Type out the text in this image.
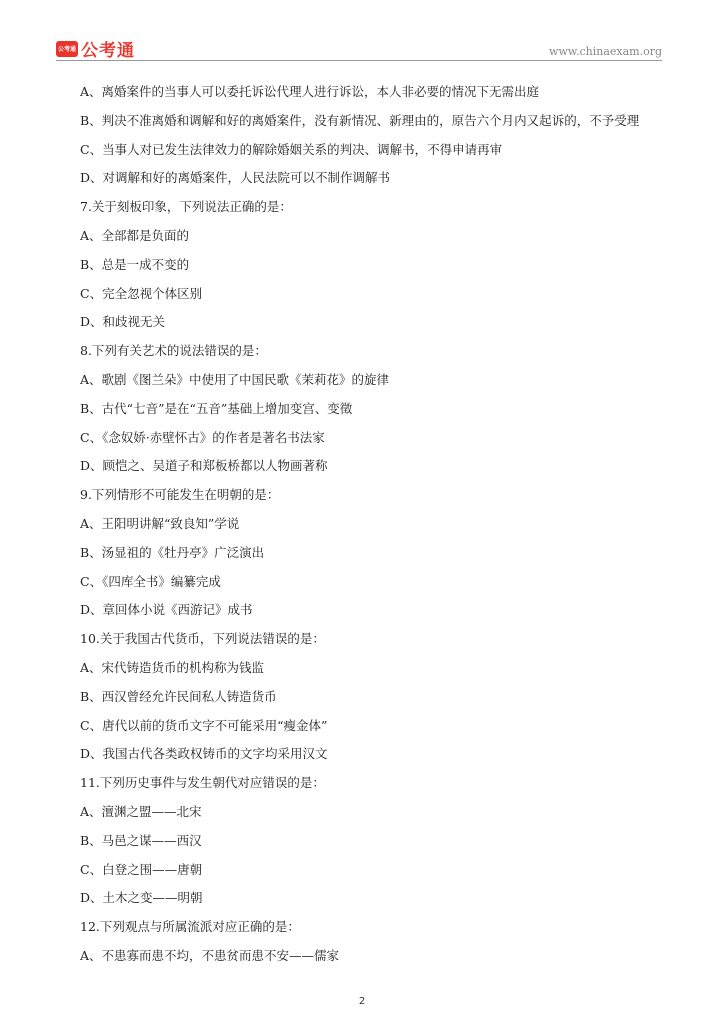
公考通 公考通	www.chinaexam.org
A、离婚案件的当事人可以委托诉讼代理人进行诉讼，本人非必要的情况下无需出庭
B、判决不准离婚和调解和好的离婚案件，没有新情况、新理由的，原告六个月内又起诉的，不予受理
C、当事人对已发生法律效力的解除婚姻关系的判决、调解书，不得申请再审
D、对调解和好的离婚案件，人民法院可以不制作调解书
7.关于刻板印象，下列说法正确的是：
A、全部都是负面的
B、总是一成不变的
C、完全忽视个体区别
D、和歧视无关
8.下列有关艺术的说法错误的是：
A、歌剧《图兰朵》中使用了中国民歌《茉莉花》的旋律
B、古代“七音”是在“五音”基础上增加变宫、变徵
C、《念奴娇·赤壁怀古》的作者是著名书法家
D、顾恺之、吴道子和郑板桥都以人物画著称
9.下列情形不可能发生在明朝的是：
A、王阳明讲解“致良知”学说
B、汤显祖的《牡丹亭》广泛演出
C、《四库全书》编纂完成
D、章回体小说《西游记》成书
10.关于我国古代货币，下列说法错误的是：
A、宋代铸造货币的机构称为钱监
B、西汉曾经允许民间私人铸造货币
C、唐代以前的货币文字不可能采用“瘦金体”
D、我国古代各类政权铸币的文字均采用汉文
11.下列历史事件与发生朝代对应错误的是：
A、澶渊之盟——北宋
B、马邑之谋——西汉
C、白登之围——唐朝
D、土木之变——明朝
12.下列观点与所属流派对应正确的是：
A、不患寡而患不均，不患贫而患不安——儒家
2
